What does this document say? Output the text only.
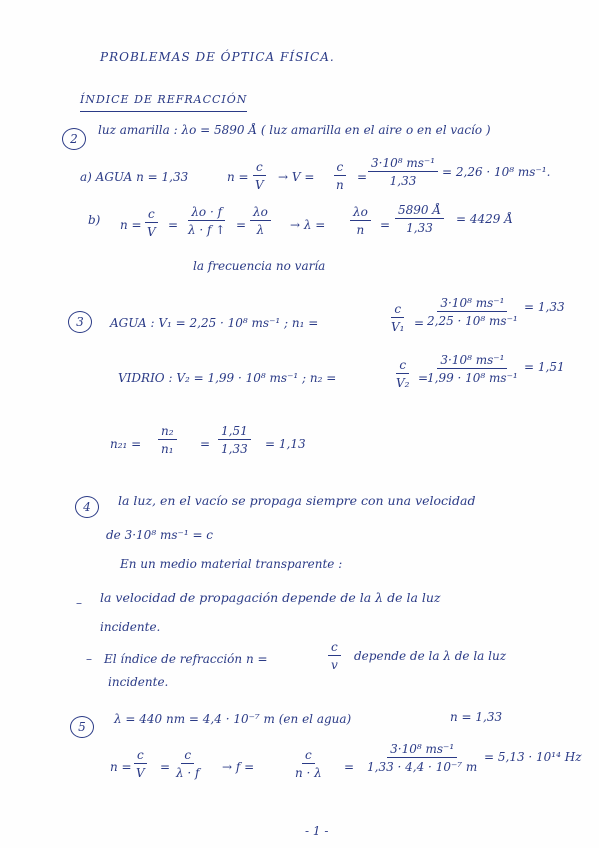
PROBLEMAS DE ÓPTICA FÍSICA.
ÍNDICE DE REFRACCIÓN
2
luz amarilla : λo = 5890 Å ( luz amarilla en el aire o en el vacío )
a) AGUA n = 1,33	$n = \frac{c}{V} \to V = \frac{c}{n} = \frac{\text{3·10⁸ ms⁻¹}}{1,33} = 2,26 \cdot 10^8$ ms⁻¹.
b) $n = \frac{c}{V} = \frac{\lambda o \cdot f}{\lambda \cdot f ↑} = \frac{\lambda o}{\lambda} \to \lambda = \frac{\lambda o}{n} = \frac{5890 Å}{1,33} = 4429$ Å
la frecuencia no varía
3	AGUA : V₁ = 2,25 · 10⁸ ms⁻¹ ; n₁ =	$\frac{c}{\text{V₁}} = \frac{\text{3·10⁸ ms⁻¹}}{\text{2,25 · 10⁸ ms⁻¹}} = 1,33$
VIDRIO : V₂ = 1,99 · 10⁸ ms⁻¹ ; n₂ =	$\frac{c}{\text{V₂}}$ =
$\frac{\text{3·10⁸ ms⁻¹}}{\text{1,99 · 10⁸ ms⁻¹}} = 1,51$
$n_{21} = \frac{\text{n₂}}{\text{n₁}} = \frac{1,51}{1,33} = 1,13$
4	la luz, en el vacío se propaga siempre con una velocidad
de 3·10⁸ ms⁻¹ = c
En un medio material transparente :
– la velocidad de propagación depende de la λ de la luz
incidente.
– El índice de refracción n =	$\frac{c}{v}$ depende de la λ de la luz
incidente.
5
λ = 440 nm = 4,4 · 10⁻⁷ m (en el agua)	n = 1,33
$n = \frac{c}{V} = \frac{c}{\lambda \cdot f} \to f$ =	$\frac{c}{n \cdot \lambda} = \frac{\text{3·10⁸ ms⁻¹}}{\text{1,33 · 4,4 · 10⁻⁷ m}} = 5,13 \cdot 10^{14}$ Hz
- 1 -
